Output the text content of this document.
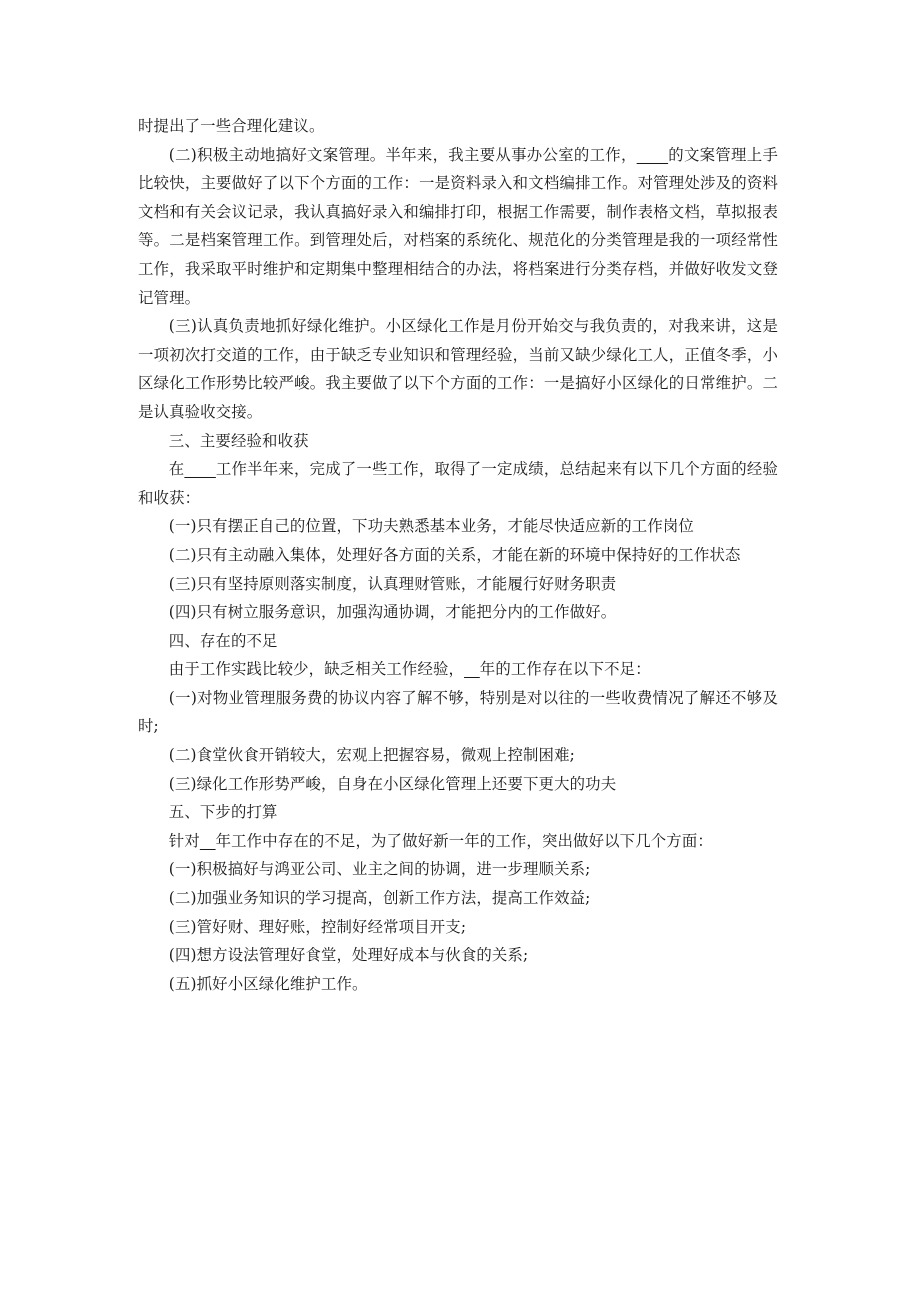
时提出了一些合理化建议。

(二)积极主动地搞好文案管理。半年来，我主要从事办公室的工作，____的文案管理上手比较快，主要做好了以下个方面的工作：一是资料录入和文档编排工作。对管理处涉及的资料文档和有关会议记录，我认真搞好录入和编排打印，根据工作需要，制作表格文档，草拟报表等。二是档案管理工作。到管理处后，对档案的系统化、规范化的分类管理是我的一项经常性工作，我采取平时维护和定期集中整理相结合的办法，将档案进行分类存档，并做好收发文登记管理。

(三)认真负责地抓好绿化维护。小区绿化工作是月份开始交与我负责的，对我来讲，这是一项初次打交道的工作，由于缺乏专业知识和管理经验，当前又缺少绿化工人，正值冬季，小区绿化工作形势比较严峻。我主要做了以下个方面的工作：一是搞好小区绿化的日常维护。二是认真验收交接。

三、主要经验和收获

在____工作半年来，完成了一些工作，取得了一定成绩，总结起来有以下几个方面的经验和收获：

(一)只有摆正自己的位置，下功夫熟悉基本业务，才能尽快适应新的工作岗位

(二)只有主动融入集体，处理好各方面的关系，才能在新的环境中保持好的工作状态

(三)只有坚持原则落实制度，认真理财管账，才能履行好财务职责

(四)只有树立服务意识，加强沟通协调，才能把分内的工作做好。

四、存在的不足

由于工作实践比较少，缺乏相关工作经验，__年的工作存在以下不足：

(一)对物业管理服务费的协议内容了解不够，特别是对以往的一些收费情况了解还不够及时;

(二)食堂伙食开销较大，宏观上把握容易，微观上控制困难;

(三)绿化工作形势严峻，自身在小区绿化管理上还要下更大的功夫

五、下步的打算

针对__年工作中存在的不足，为了做好新一年的工作，突出做好以下几个方面：

(一)积极搞好与鸿亚公司、业主之间的协调，进一步理顺关系;

(二)加强业务知识的学习提高，创新工作方法，提高工作效益;

(三)管好财、理好账，控制好经常项目开支;

(四)想方设法管理好食堂，处理好成本与伙食的关系;

(五)抓好小区绿化维护工作。
